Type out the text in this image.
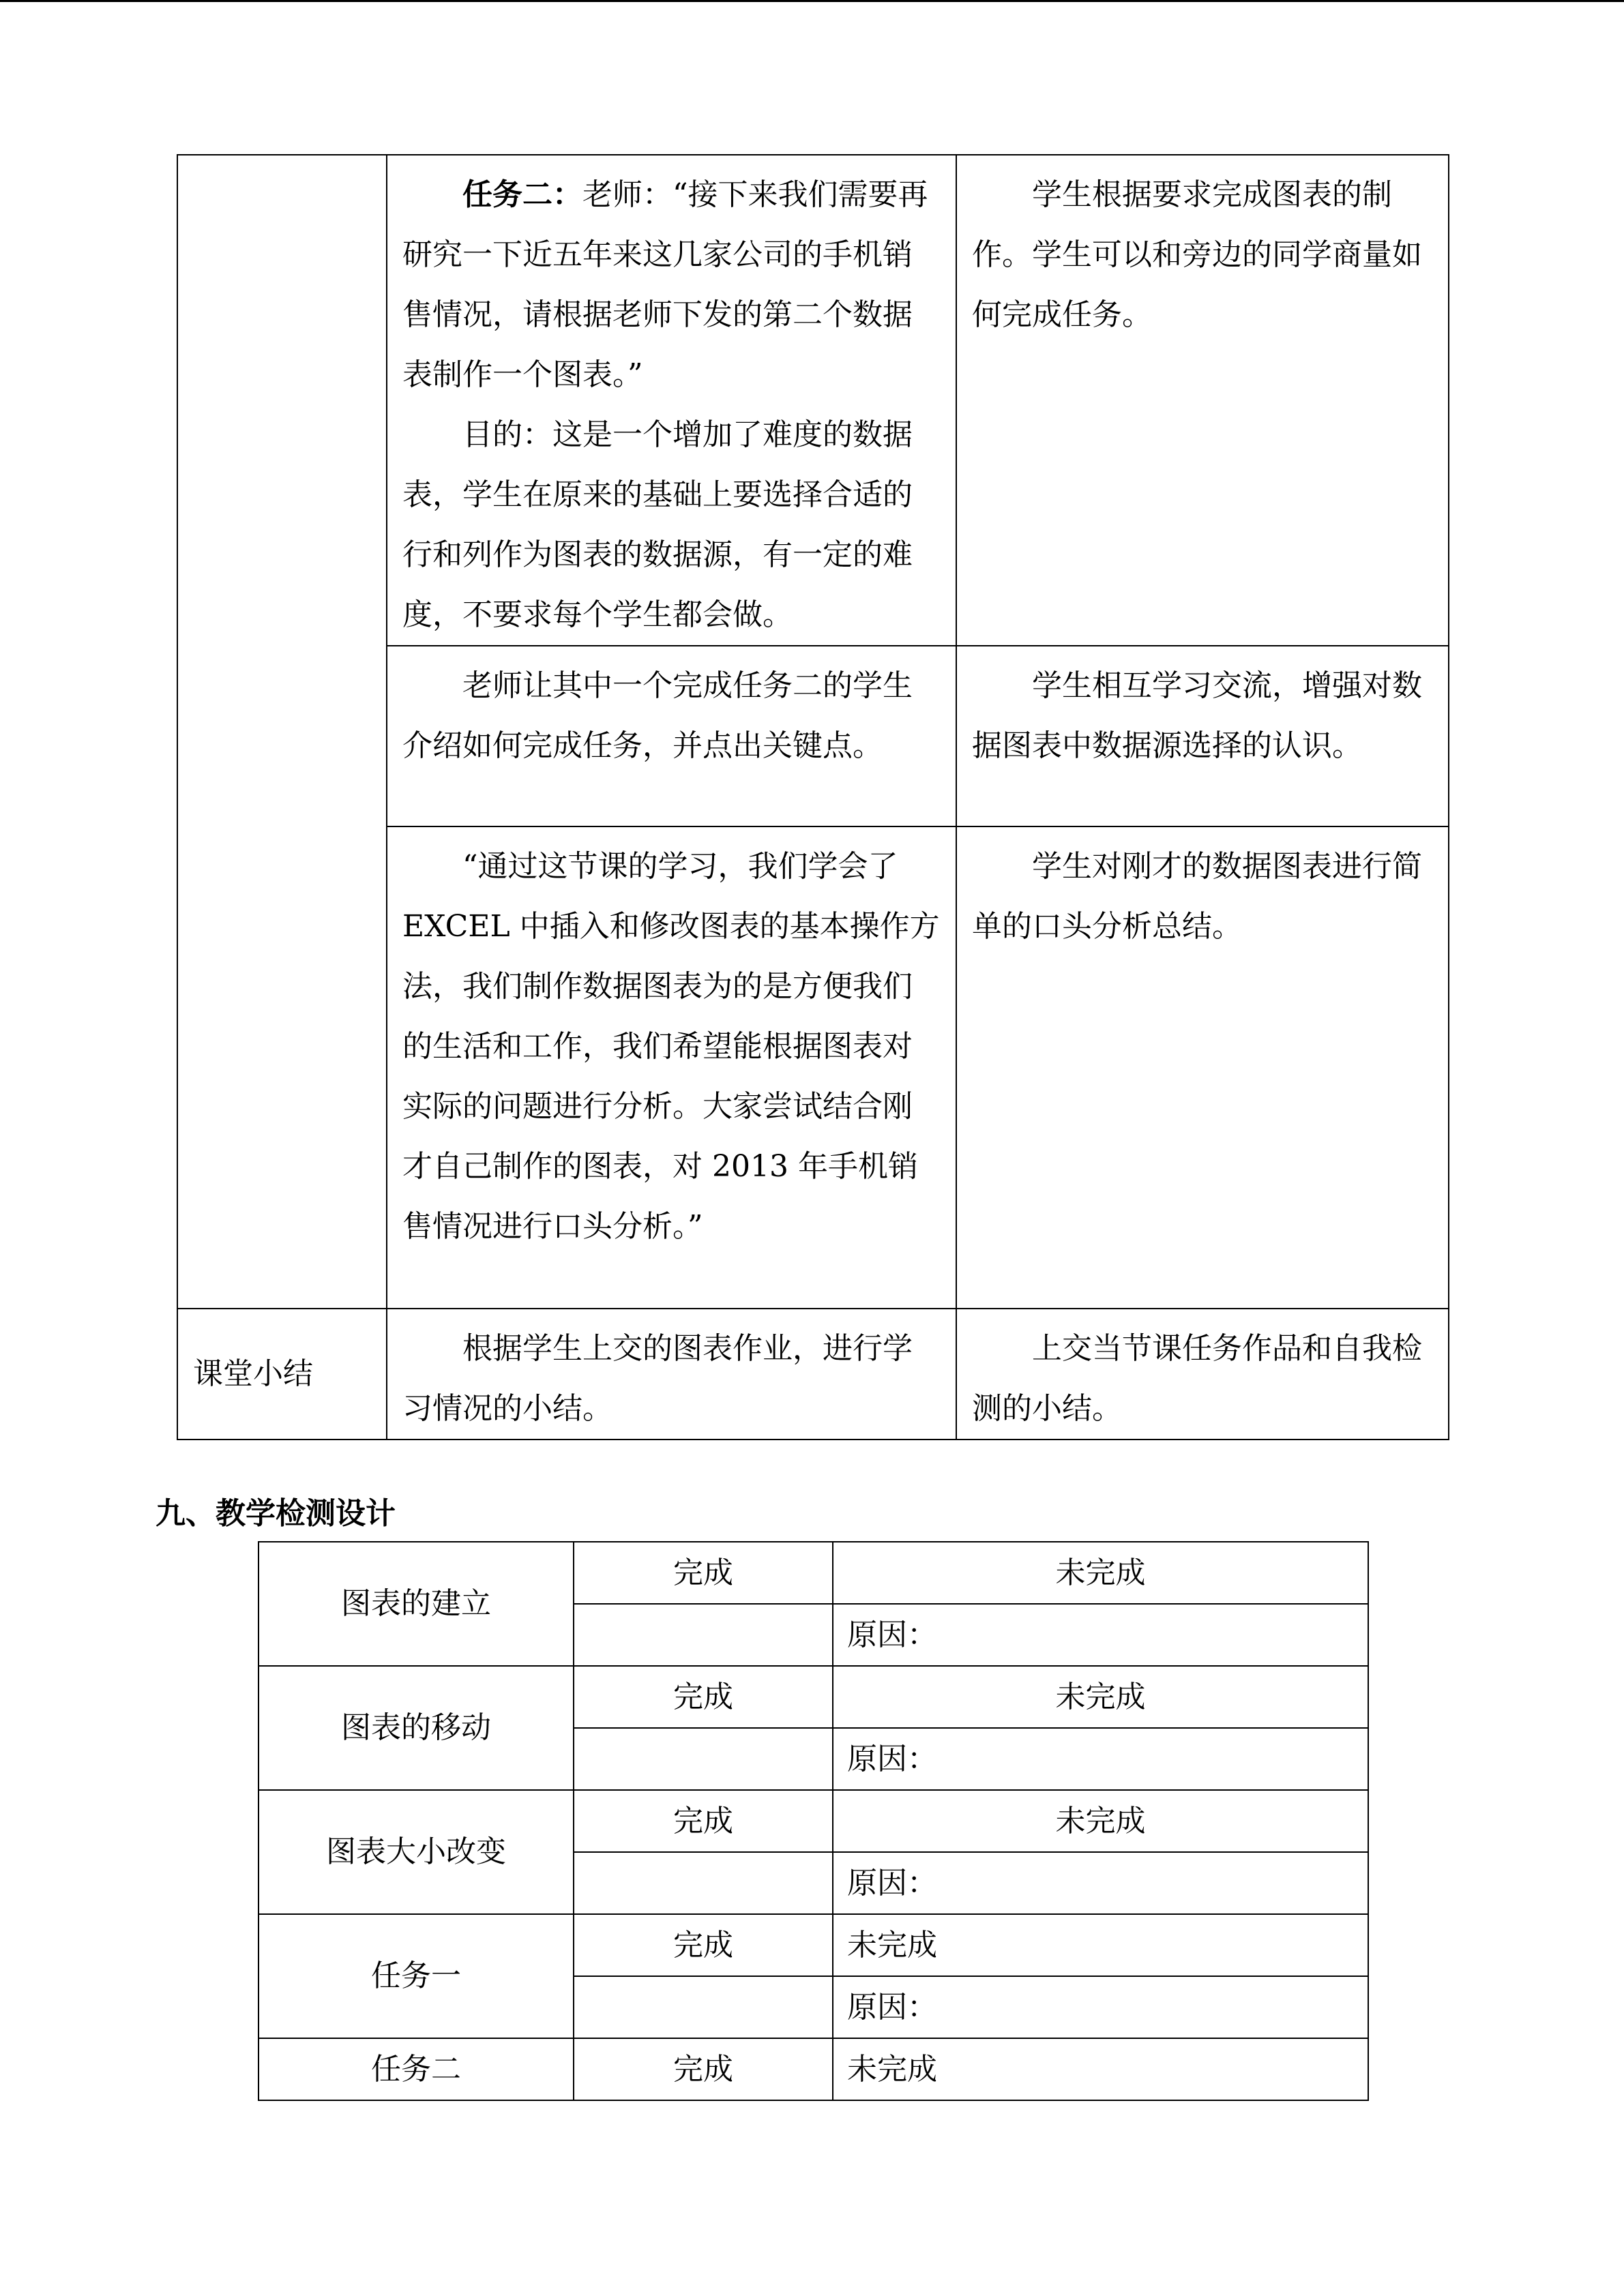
	任务二：老师：“接下来我们需要再研究一下近五年来这几家公司的手机销售情况，请根据老师下发的第二个数据表制作一个图表。”

目的：这是一个增加了难度的数据表，学生在原来的基础上要选择合适的行和列作为图表的数据源，有一定的难度，不要求每个学生都会做。	学生根据要求完成图表的制作。学生可以和旁边的同学商量如何完成任务。

	老师让其中一个完成任务二的学生介绍如何完成任务，并点出关键点。	学生相互学习交流，增强对数据图表中数据源选择的认识。

	“通过这节课的学习，我们学会了 EXCEL 中插入和修改图表的基本操作方法，我们制作数据图表为的是方便我们的生活和工作，我们希望能根据图表对实际的问题进行分析。大家尝试结合刚才自己制作的图表，对 2013 年手机销售情况进行口头分析。”	学生对刚才的数据图表进行简单的口头分析总结。

课堂小结	根据学生上交的图表作业，进行学习情况的小结。	上交当节课任务作品和自我检测的小结。

九、教学检测设计
图表的建立	完成	未完成
		原因：
图表的移动	完成	未完成
		原因：
图表大小改变	完成	未完成
		原因：
任务一	完成	未完成
		原因：
任务二	完成	未完成
